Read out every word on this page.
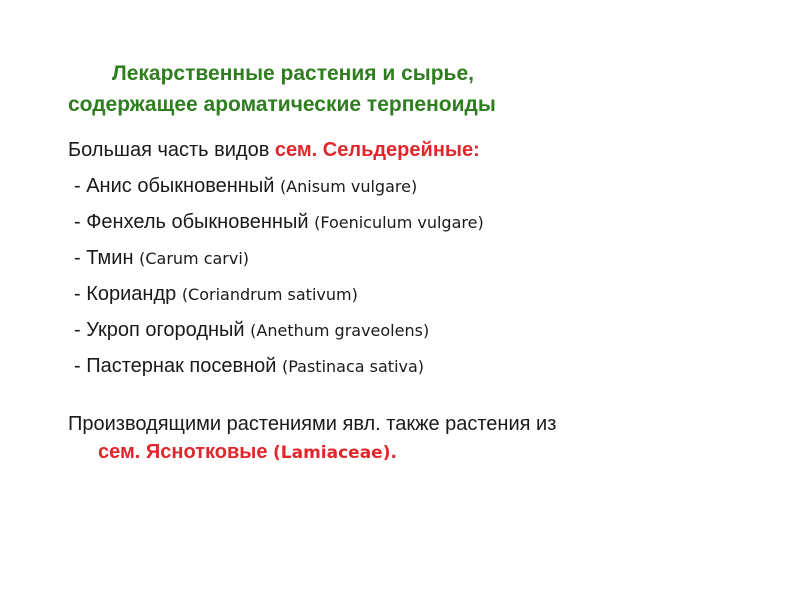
Лекарственные растения и сырье,
содержащее ароматические терпеноиды
Большая часть видов сем. Сельдерейные:
- Анис обыкновенный (Anisum vulgare)
- Фенхель обыкновенный (Foeniculum vulgare)
- Тмин (Carum carvi)
- Кориандр (Coriandrum sativum)
- Укроп огородный (Anethum graveolens)
- Пастернак посевной (Pastinaca sativa)
Производящими растениями явл. также растения из
сем. Яснотковые (Lamiaceae).
